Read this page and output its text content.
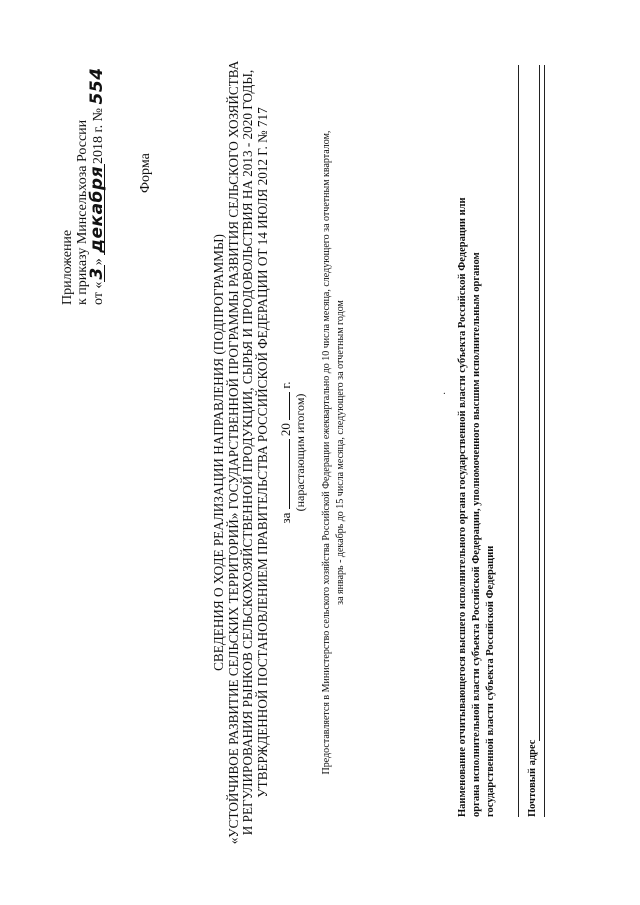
Приложение к приказу Минсельхоза России от «3» декабря2018 г. № 554
Форма
СВЕДЕНИЯ О ХОДЕ РЕАЛИЗАЦИИ НАПРАВЛЕНИЯ (ПОДПРОГРАММЫ) «УСТОЙЧИВОЕ РАЗВИТИЕ СЕЛЬСКИХ ТЕРРИТОРИЙ» ГОСУДАРСТВЕННОЙ ПРОГРАММЫ РАЗВИТИЯ СЕЛЬСКОГО ХОЗЯЙСТВА И РЕГУЛИРОВАНИЯ РЫНКОВ СЕЛЬСКОХОЗЯЙСТВЕННОЙ ПРОДУКЦИИ, СЫРЬЯ И ПРОДОВОЛЬСТВИЯ НА 2013 - 2020 ГОДЫ, УТВЕРЖДЕННОЙ ПОСТАНОВЛЕНИЕМ ПРАВИТЕЛЬСТВА РОССИЙСКОЙ ФЕДЕРАЦИИ ОТ 14 ИЮЛЯ 2012 Г. № 717 за  20  г.
(нарастающим итогом) Предоставляется в Министерство сельского хозяйства Российской Федерации ежеквартально до 10 числа месяца, следующего за отчетным кварталом, за январь - декабрь до 15 числа месяца, следующего за отчетным годом	· Наименование отчитывающегося высшего исполнительного органа государственной власти субъекта Российской Федерации или органа исполнительной власти субъекта Российской Федерации, уполномоченного высшим исполнительным органом государственной власти субъекта Российской Федерации	Почтовый адрес
